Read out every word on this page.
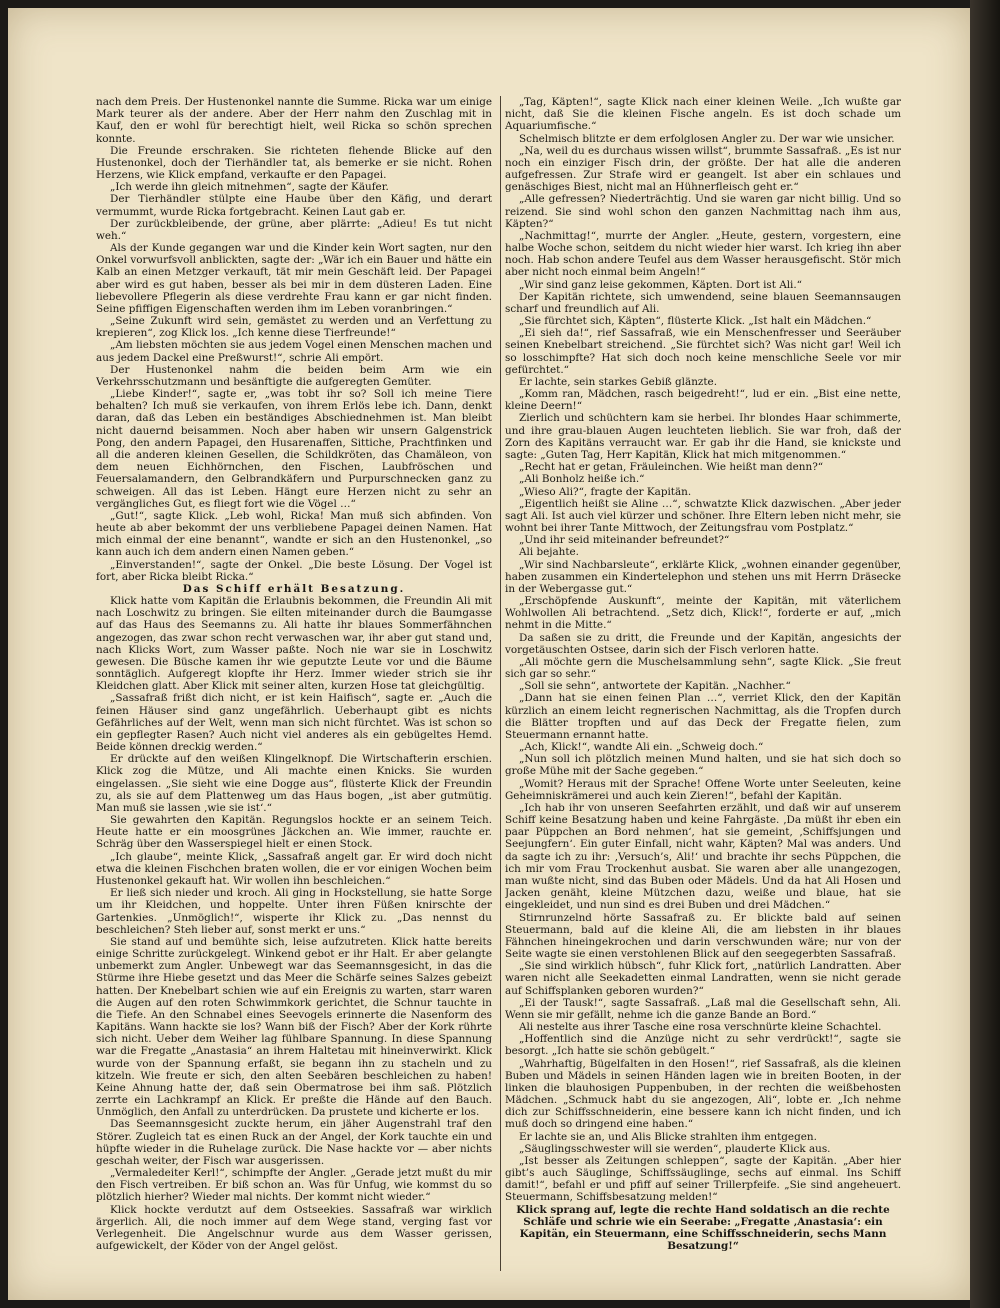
nach dem Preis. Der Hustenonkel nannte die Summe. Ricka war um einige Mark teurer als der andere. Aber der Herr nahm den Zuschlag mit in Kauf, den er wohl für berechtigt hielt, weil Ricka so schön sprechen konnte.

Die Freunde erschraken. Sie richteten flehende Blicke auf den Hustenonkel, doch der Tierhändler tat, als bemerke er sie nicht. Rohen Herzens, wie Klick empfand, verkaufte er den Papagei.

„Ich werde ihn gleich mitnehmen“, sagte der Käufer.

Der Tierhändler stülpte eine Haube über den Käfig, und derart vermummt, wurde Ricka fortgebracht. Keinen Laut gab er.

Der zurückbleibende, der grüne, aber plärrte: „Adieu! Es tut nicht weh.“

Als der Kunde gegangen war und die Kinder kein Wort sagten, nur den Onkel vorwurfsvoll anblickten, sagte der: „Wär ich ein Bauer und hätte ein Kalb an einen Metzger verkauft, tät mir mein Geschäft leid. Der Papagei aber wird es gut haben, besser als bei mir in dem düsteren Laden. Eine liebevollere Pflegerin als diese verdrehte Frau kann er gar nicht finden. Seine pfiffigen Eigenschaften werden ihm im Leben voranbringen.“

„Seine Zukunft wird sein, gemästet zu werden und an Verfettung zu krepieren“, zog Klick los. „Ich kenne diese Tierfreunde!“

„Am liebsten möchten sie aus jedem Vogel einen Menschen machen und aus jedem Dackel eine Preßwurst!“, schrie Ali empört.

Der Hustenonkel nahm die beiden beim Arm wie ein Verkehrsschutzmann und besänftigte die aufgeregten Gemüter.

„Liebe Kinder!“, sagte er, „was tobt ihr so? Soll ich meine Tiere behalten? Ich muß sie verkaufen, von ihrem Erlös lebe ich. Dann, denkt daran, daß das Leben ein beständiges Abschiednehmen ist. Man bleibt nicht dauernd beisammen. Noch aber haben wir unsern Galgenstrick Pong, den andern Papagei, den Husarenaffen, Sittiche, Prachtfinken und all die anderen kleinen Gesellen, die Schildkröten, das Chamäleon, von dem neuen Eichhörnchen, den Fischen, Laubfröschen und Feuersalamandern, den Gelbrandkäfern und Purpurschnecken ganz zu schweigen. All das ist Leben. Hängt eure Herzen nicht zu sehr an vergängliches Gut, es fliegt fort wie die Vögel …“

„Gut!“, sagte Klick. „Leb wohl, Ricka! Man muß sich abfinden. Von heute ab aber bekommt der uns verbliebene Papagei deinen Namen. Hat mich einmal der eine benannt“, wandte er sich an den Hustenonkel, „so kann auch ich dem andern einen Namen geben.“

„Einverstanden!“, sagte der Onkel. „Die beste Lösung. Der Vogel ist fort, aber Ricka bleibt Ricka.“

Das Schiff erhält Besatzung.

Klick hatte vom Kapitän die Erlaubnis bekommen, die Freundin Ali mit nach Loschwitz zu bringen. Sie eilten miteinander durch die Baumgasse auf das Haus des Seemanns zu. Ali hatte ihr blaues Sommerfähnchen angezogen, das zwar schon recht verwaschen war, ihr aber gut stand und, nach Klicks Wort, zum Wasser paßte. Noch nie war sie in Loschwitz gewesen. Die Büsche kamen ihr wie geputzte Leute vor und die Bäume sonntäglich. Aufgeregt klopfte ihr Herz. Immer wieder strich sie ihr Kleidchen glatt. Aber Klick mit seiner alten, kurzen Hose tat gleichgültig.

„Sassafraß frißt dich nicht, er ist kein Haifisch“, sagte er. „Auch die feinen Häuser sind ganz ungefährlich. Ueberhaupt gibt es nichts Gefährliches auf der Welt, wenn man sich nicht fürchtet. Was ist schon so ein gepflegter Rasen? Auch nicht viel anderes als ein gebügeltes Hemd. Beide können dreckig werden.“

Er drückte auf den weißen Klingelknopf. Die Wirtschafterin erschien. Klick zog die Mütze, und Ali machte einen Knicks. Sie wurden eingelassen. „Sie sieht wie eine Dogge aus“, flüsterte Klick der Freundin zu, als sie auf dem Plattenweg um das Haus bogen, „ist aber gutmütig. Man muß sie lassen ‚wie sie ist‘.“

Sie gewahrten den Kapitän. Regungslos hockte er an seinem Teich. Heute hatte er ein moosgrünes Jäckchen an. Wie immer, rauchte er. Schräg über den Wasserspiegel hielt er einen Stock.

„Ich glaube“, meinte Klick, „Sassafraß angelt gar. Er wird doch nicht etwa die kleinen Fischchen braten wollen, die er vor einigen Wochen beim Hustenonkel gekauft hat. Wir wollen ihn beschleichen.“

Er ließ sich nieder und kroch. Ali ging in Hockstellung, sie hatte Sorge um ihr Kleidchen, und hoppelte. Unter ihren Füßen knirschte der Gartenkies. „Unmöglich!“, wisperte ihr Klick zu. „Das nennst du beschleichen? Steh lieber auf, sonst merkt er uns.“

Sie stand auf und bemühte sich, leise aufzutreten. Klick hatte bereits einige Schritte zurückgelegt. Winkend gebot er ihr Halt. Er aber gelangte unbemerkt zum Angler. Unbewegt war das Seemannsgesicht, in das die Stürme ihre Hiebe gesetzt und das Meer die Schärfe seines Salzes gebeizt hatten. Der Knebelbart schien wie auf ein Ereignis zu warten, starr waren die Augen auf den roten Schwimmkork gerichtet, die Schnur tauchte in die Tiefe. An den Schnabel eines Seevogels erinnerte die Nasenform des Kapitäns. Wann hackte sie los? Wann biß der Fisch? Aber der Kork rührte sich nicht. Ueber dem Weiher lag fühlbare Spannung. In diese Spannung war die Fregatte „Anastasia“ an ihrem Haltetau mit hineinverwirkt. Klick wurde von der Spannung erfaßt, sie begann ihn zu stacheln und zu kitzeln. Wie freute er sich, den alten Seebären beschleichen zu haben! Keine Ahnung hatte der, daß sein Obermatrose bei ihm saß. Plötzlich zerrte ein Lachkrampf an Klick. Er preßte die Hände auf den Bauch. Unmöglich, den Anfall zu unterdrücken. Da prustete und kicherte er los.

Das Seemannsgesicht zuckte herum, ein jäher Augenstrahl traf den Störer. Zugleich tat es einen Ruck an der Angel, der Kork tauchte ein und hüpfte wieder in die Ruhelage zurück. Die Nase hackte vor — aber nichts geschah weiter, der Fisch war ausgerissen.

„Vermaledeiter Kerl!“, schimpfte der Angler. „Gerade jetzt mußt du mir den Fisch vertreiben. Er biß schon an. Was für Unfug, wie kommst du so plötzlich hierher? Wieder mal nichts. Der kommt nicht wieder.“

Klick hockte verdutzt auf dem Ostseekies. Sassafraß war wirklich ärgerlich. Ali, die noch immer auf dem Wege stand, verging fast vor Verlegenheit. Die Angelschnur wurde aus dem Wasser gerissen, aufgewickelt, der Köder von der Angel gelöst.

„Tag, Käpten!“, sagte Klick nach einer kleinen Weile. „Ich wußte gar nicht, daß Sie die kleinen Fische angeln. Es ist doch schade um Aquariumfische.“

Schelmisch blitzte er dem erfolglosen Angler zu. Der war wie unsicher.

„Na, weil du es durchaus wissen willst“, brummte Sassafraß. „Es ist nur noch ein einziger Fisch drin, der größte. Der hat alle die anderen aufgefressen. Zur Strafe wird er geangelt. Ist aber ein schlaues und genäschiges Biest, nicht mal an Hühnerfleisch geht er.“

„Alle gefressen? Niederträchtig. Und sie waren gar nicht billig. Und so reizend. Sie sind wohl schon den ganzen Nachmittag nach ihm aus, Käpten?“

„Nachmittag!“, murrte der Angler. „Heute, gestern, vorgestern, eine halbe Woche schon, seitdem du nicht wieder hier warst. Ich krieg ihn aber noch. Hab schon andere Teufel aus dem Wasser herausgefischt. Stör mich aber nicht noch einmal beim Angeln!“

„Wir sind ganz leise gekommen, Käpten. Dort ist Ali.“

Der Kapitän richtete, sich umwendend, seine blauen Seemannsaugen scharf und freundlich auf Ali.

„Sie fürchtet sich, Käpten“, flüsterte Klick. „Ist halt ein Mädchen.“

„Ei sieh da!“, rief Sassafraß, wie ein Menschenfresser und Seeräuber seinen Knebelbart streichend. „Sie fürchtet sich? Was nicht gar! Weil ich so losschimpfte? Hat sich doch noch keine menschliche Seele vor mir gefürchtet.“

Er lachte, sein starkes Gebiß glänzte.

„Komm ran, Mädchen, rasch beigedreht!“, lud er ein. „Bist eine nette, kleine Deern!“

Zierlich und schüchtern kam sie herbei. Ihr blondes Haar schimmerte, und ihre grau-blauen Augen leuchteten lieblich. Sie war froh, daß der Zorn des Kapitäns verraucht war. Er gab ihr die Hand, sie knickste und sagte: „Guten Tag, Herr Kapitän, Klick hat mich mitgenommen.“

„Recht hat er getan, Fräuleinchen. Wie heißt man denn?“

„Ali Bonholz heiße ich.“

„Wieso Ali?“, fragte der Kapitän.

„Eigentlich heißt sie Aline …“, schwatzte Klick dazwischen. „Aber jeder sagt Ali. Ist auch viel kürzer und schöner. Ihre Eltern leben nicht mehr, sie wohnt bei ihrer Tante Mittwoch, der Zeitungsfrau vom Postplatz.“

„Und ihr seid miteinander befreundet?“

Ali bejahte.

„Wir sind Nachbarsleute“, erklärte Klick, „wohnen einander gegenüber, haben zusammen ein Kindertelephon und stehen uns mit Herrn Dräsecke in der Webergasse gut.“

„Erschöpfende Auskunft“, meinte der Kapitän, mit väterlichem Wohlwollen Ali betrachtend. „Setz dich, Klick!“, forderte er auf, „mich nehmt in die Mitte.“

Da saßen sie zu dritt, die Freunde und der Kapitän, angesichts der vorgetäuschten Ostsee, darin sich der Fisch verloren hatte.

„Ali möchte gern die Muschelsammlung sehn“, sagte Klick. „Sie freut sich gar so sehr.“

„Soll sie sehn“, antwortete der Kapitän. „Nachher.“

„Dann hat sie einen feinen Plan …“, verriet Klick, den der Kapitän kürzlich an einem leicht regnerischen Nachmittag, als die Tropfen durch die Blätter tropften und auf das Deck der Fregatte fielen, zum Steuermann ernannt hatte.

„Ach, Klick!“, wandte Ali ein. „Schweig doch.“

„Nun soll ich plötzlich meinen Mund halten, und sie hat sich doch so große Mühe mit der Sache gegeben.“

„Womit? Heraus mit der Sprache! Offene Worte unter Seeleuten, keine Geheimniskrämerei und auch kein Zieren!“, befahl der Kapitän.

„Ich hab ihr von unseren Seefahrten erzählt, und daß wir auf unserem Schiff keine Besatzung haben und keine Fahrgäste. ‚Da müßt ihr eben ein paar Püppchen an Bord nehmen‘, hat sie gemeint, ‚Schiffsjungen und Seejungfern‘. Ein guter Einfall, nicht wahr, Käpten? Mal was anders. Und da sagte ich zu ihr: ‚Versuch’s, Ali!‘ und brachte ihr sechs Püppchen, die ich mir vom Frau Trockenhut ausbat. Sie waren aber alle unangezogen, man wußte nicht, sind das Buben oder Mädels. Und da hat Ali Hosen und Jacken genäht, kleine Mützchen dazu, weiße und blaue, hat sie eingekleidet, und nun sind es drei Buben und drei Mädchen.“

Stirnrunzelnd hörte Sassafraß zu. Er blickte bald auf seinen Steuermann, bald auf die kleine Ali, die am liebsten in ihr blaues Fähnchen hineingekrochen und darin verschwunden wäre; nur von der Seite wagte sie einen verstohlenen Blick auf den seegegerbten Sassafraß.

„Sie sind wirklich hübsch“, fuhr Klick fort, „natürlich Landratten. Aber waren nicht alle Seekadetten einmal Landratten, wenn sie nicht gerade auf Schiffsplanken geboren wurden?“

„Ei der Tausk!“, sagte Sassafraß. „Laß mal die Gesellschaft sehn, Ali. Wenn sie mir gefällt, nehme ich die ganze Bande an Bord.“

Ali nestelte aus ihrer Tasche eine rosa verschnürte kleine Schachtel.

„Hoffentlich sind die Anzüge nicht zu sehr verdrückt!“, sagte sie besorgt. „Ich hatte sie schön gebügelt.“

„Wahrhaftig, Bügelfalten in den Hosen!“, rief Sassafraß, als die kleinen Buben und Mädels in seinen Händen lagen wie in breiten Booten, in der linken die blauhosigen Puppenbuben, in der rechten die weißbehosten Mädchen. „Schmuck habt du sie angezogen, Ali“, lobte er. „Ich nehme dich zur Schiffsschneiderin, eine bessere kann ich nicht finden, und ich muß doch so dringend eine haben.“

Er lachte sie an, und Alis Blicke strahlten ihm entgegen.

„Säuglingsschwester will sie werden“, plauderte Klick aus.

„Ist besser als Zeitungen schleppen“, sagte der Kapitän. „Aber hier gibt’s auch Säuglinge, Schiffssäuglinge, sechs auf einmal. Ins Schiff damit!“, befahl er und pfiff auf seiner Trillerpfeife. „Sie sind angeheuert. Steuermann, Schiffsbesatzung melden!“

Klick sprang auf, legte die rechte Hand soldatisch an die rechte Schläfe und schrie wie ein Seerabe: „Fregatte ‚Anastasia‘: ein Kapitän, ein Steuermann, eine Schiffsschneiderin, sechs Mann Besatzung!“
